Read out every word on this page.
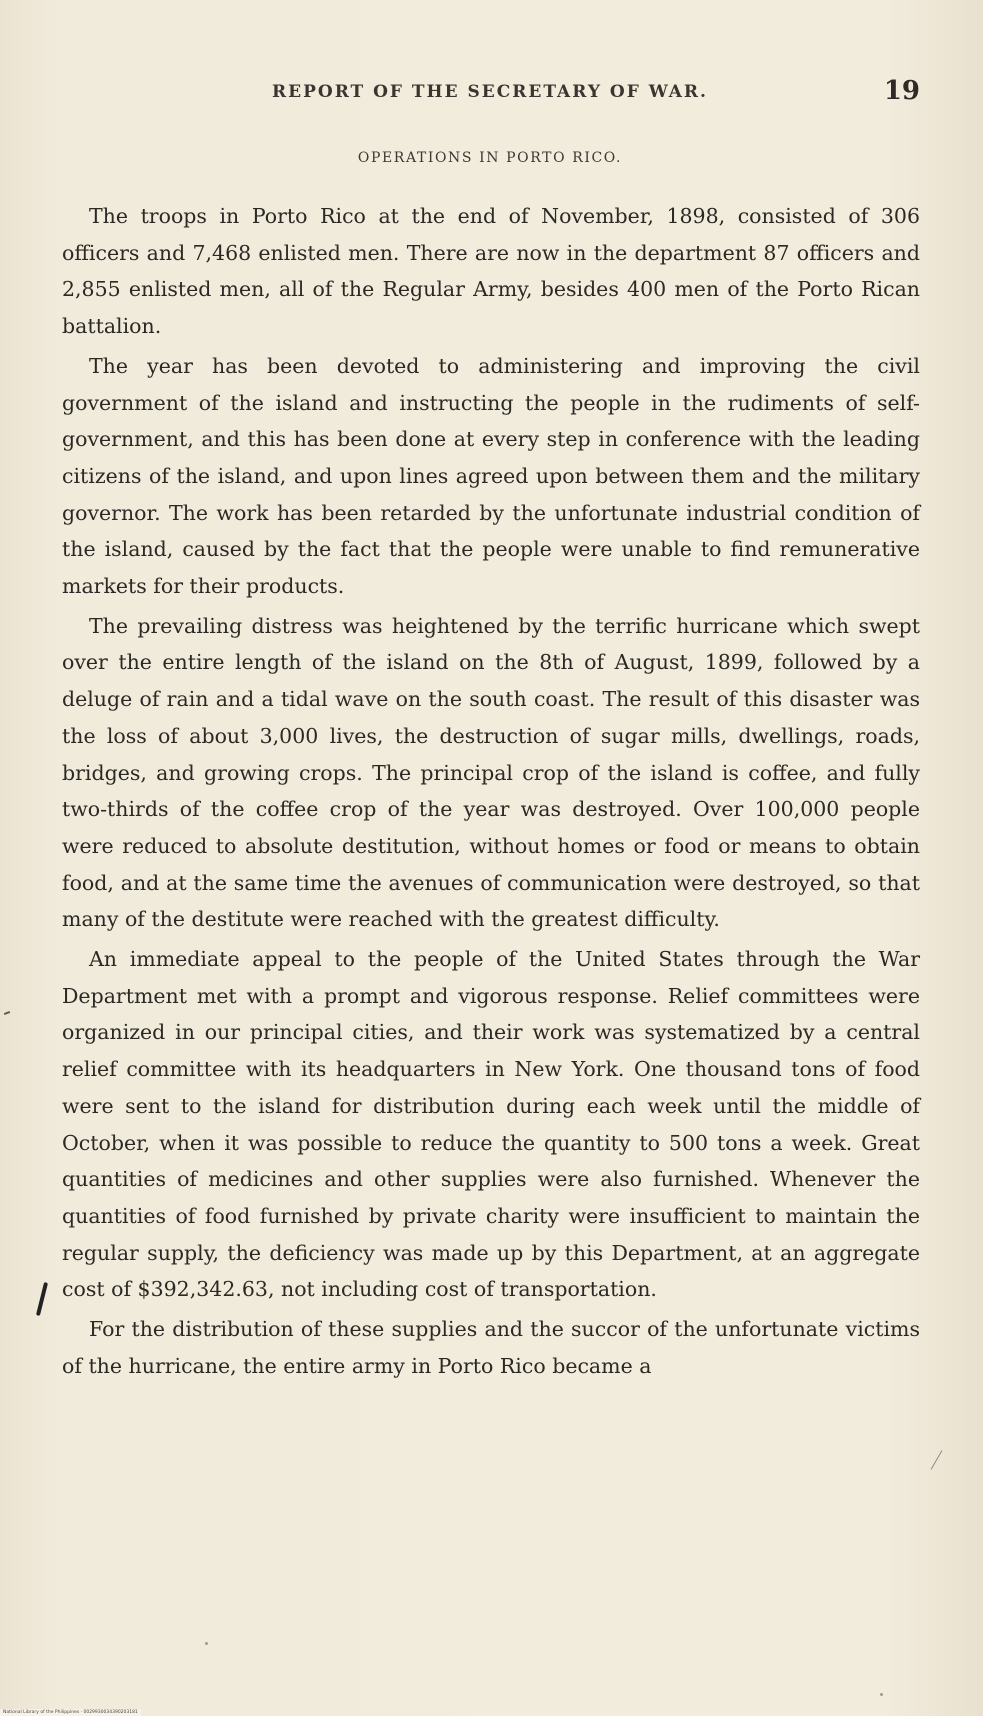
REPORT OF THE SECRETARY OF WAR.	19
OPERATIONS IN PORTO RICO.

The troops in Porto Rico at the end of November, 1898, consisted of 306 officers and 7,468 enlisted men. There are now in the department 87 officers and 2,855 enlisted men, all of the Regular Army, besides 400 men of the Porto Rican battalion.

The year has been devoted to administering and improving the civil government of the island and instructing the people in the rudiments of self-government, and this has been done at every step in conference with the leading citizens of the island, and upon lines agreed upon between them and the military governor. The work has been retarded by the unfortunate industrial condition of the island, caused by the fact that the people were unable to find remunerative markets for their products.

The prevailing distress was heightened by the terrific hurricane which swept over the entire length of the island on the 8th of August, 1899, followed by a deluge of rain and a tidal wave on the south coast. The result of this disaster was the loss of about 3,000 lives, the destruction of sugar mills, dwellings, roads, bridges, and growing crops. The principal crop of the island is coffee, and fully two-thirds of the coffee crop of the year was destroyed. Over 100,000 people were reduced to absolute destitution, without homes or food or means to obtain food, and at the same time the avenues of communication were destroyed, so that many of the destitute were reached with the greatest difficulty.

An immediate appeal to the people of the United States through the War Department met with a prompt and vigorous response. Relief committees were organized in our principal cities, and their work was systematized by a central relief committee with its headquarters in New York. One thousand tons of food were sent to the island for distribution during each week until the middle of October, when it was possible to reduce the quantity to 500 tons a week. Great quantities of medicines and other supplies were also furnished. Whenever the quantities of food furnished by private charity were insufficient to maintain the regular supply, the deficiency was made up by this Department, at an aggregate cost of $392,342.63, not including cost of transportation.

For the distribution of these supplies and the succor of the unfortunate victims of the hurricane, the entire army in Porto Rico became a

National Library of the Philippines · 0029930034390203181
